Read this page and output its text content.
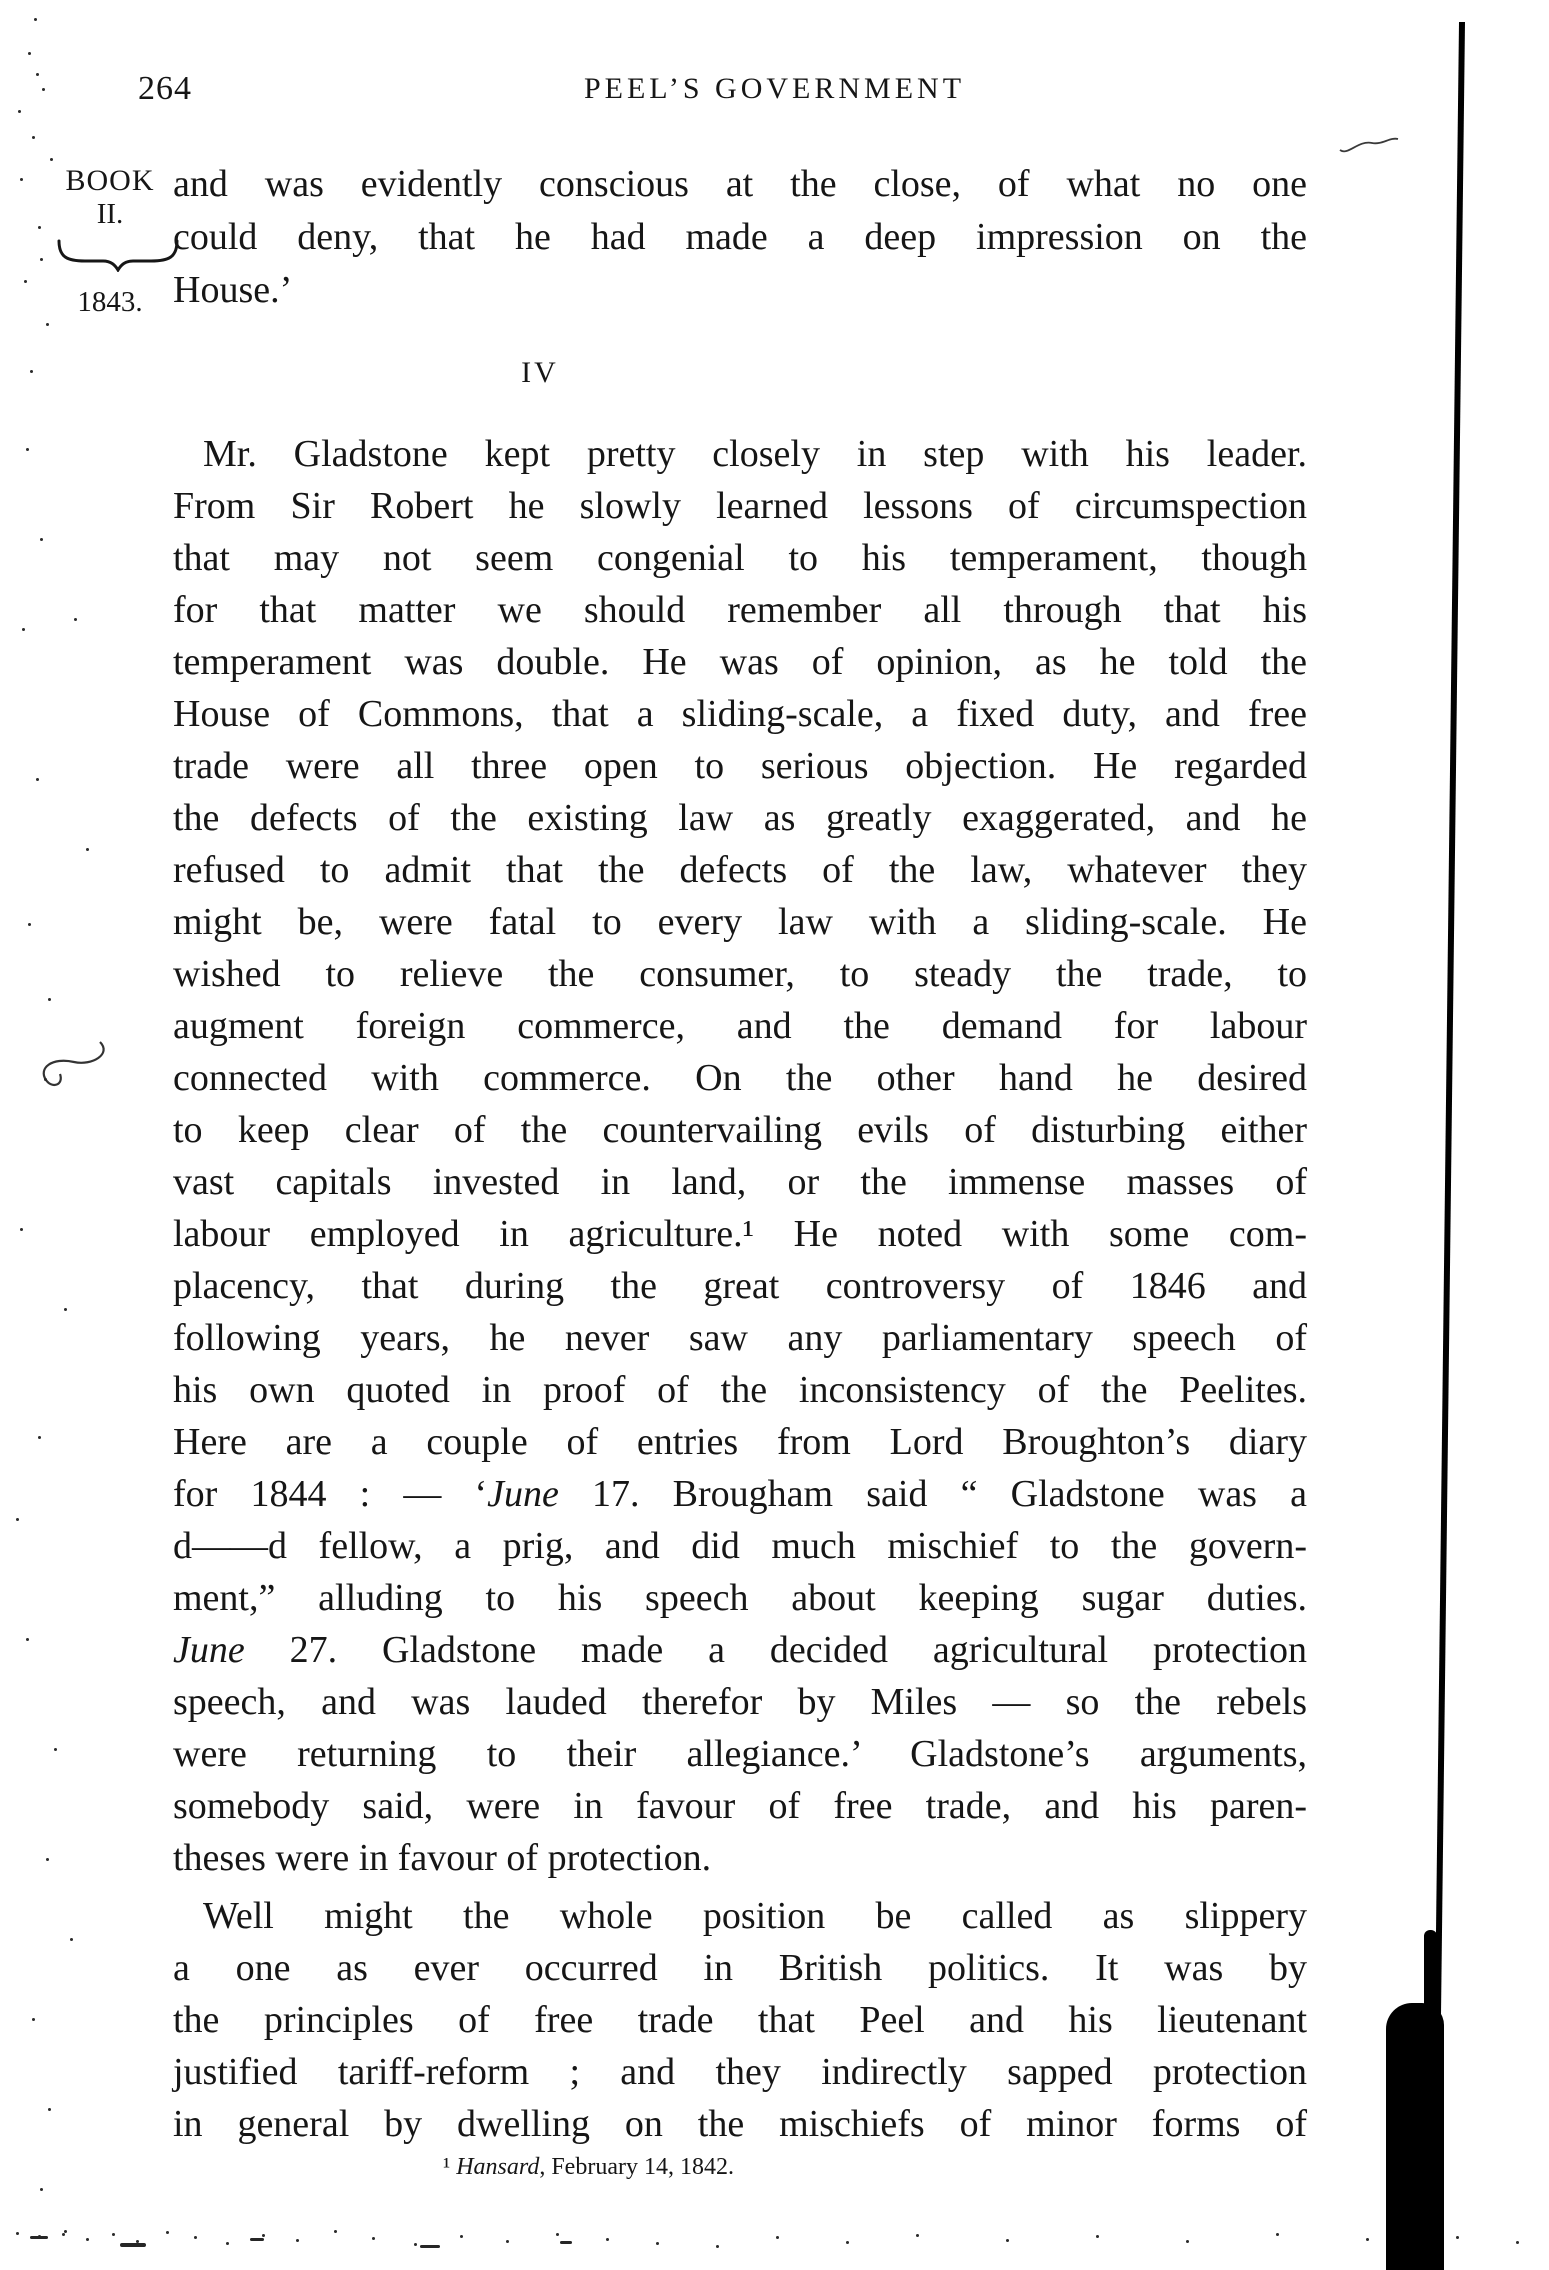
264	PEEL’S GOVERNMENT
BOOK
II.
1843.
and was evidently conscious at the close, of what no one
could deny, that he had made a deep impression on the
House.’
IV
Mr. Gladstone kept pretty closely in step with his leader.
From Sir Robert he slowly learned lessons of circumspection
that may not seem congenial to his temperament, though
for that matter we should remember all through that his
temperament was double. He was of opinion, as he told the
House of Commons, that a sliding-scale, a fixed duty, and free
trade were all three open to serious objection. He regarded
the defects of the existing law as greatly exaggerated, and he
refused to admit that the defects of the law, whatever they
might be, were fatal to every law with a sliding-scale. He
wished to relieve the consumer, to steady the trade, to
augment foreign commerce, and the demand for labour
connected with commerce. On the other hand he desired
to keep clear of the countervailing evils of disturbing either
vast capitals invested in land, or the immense masses of
labour employed in agriculture.¹ He noted with some com-
placency, that during the great controversy of 1846 and
following years, he never saw any parliamentary speech of
his own quoted in proof of the inconsistency of the Peelites.
Here are a couple of entries from Lord Broughton’s diary
for 1844 : — ‘June 17. Brougham said “ Gladstone was a
d——d fellow, a prig, and did much mischief to the govern-
ment,” alluding to his speech about keeping sugar duties.
June 27. Gladstone made a decided agricultural protection
speech, and was lauded therefor by Miles — so the rebels
were returning to their allegiance.’ Gladstone’s arguments,
somebody said, were in favour of free trade, and his paren-
theses were in favour of protection.
Well might the whole position be called as slippery
a one as ever occurred in British politics. It was by
the principles of free trade that Peel and his lieutenant
justified tariff-reform ; and they indirectly sapped protection
in general by dwelling on the mischiefs of minor forms of
¹ Hansard, February 14, 1842.
